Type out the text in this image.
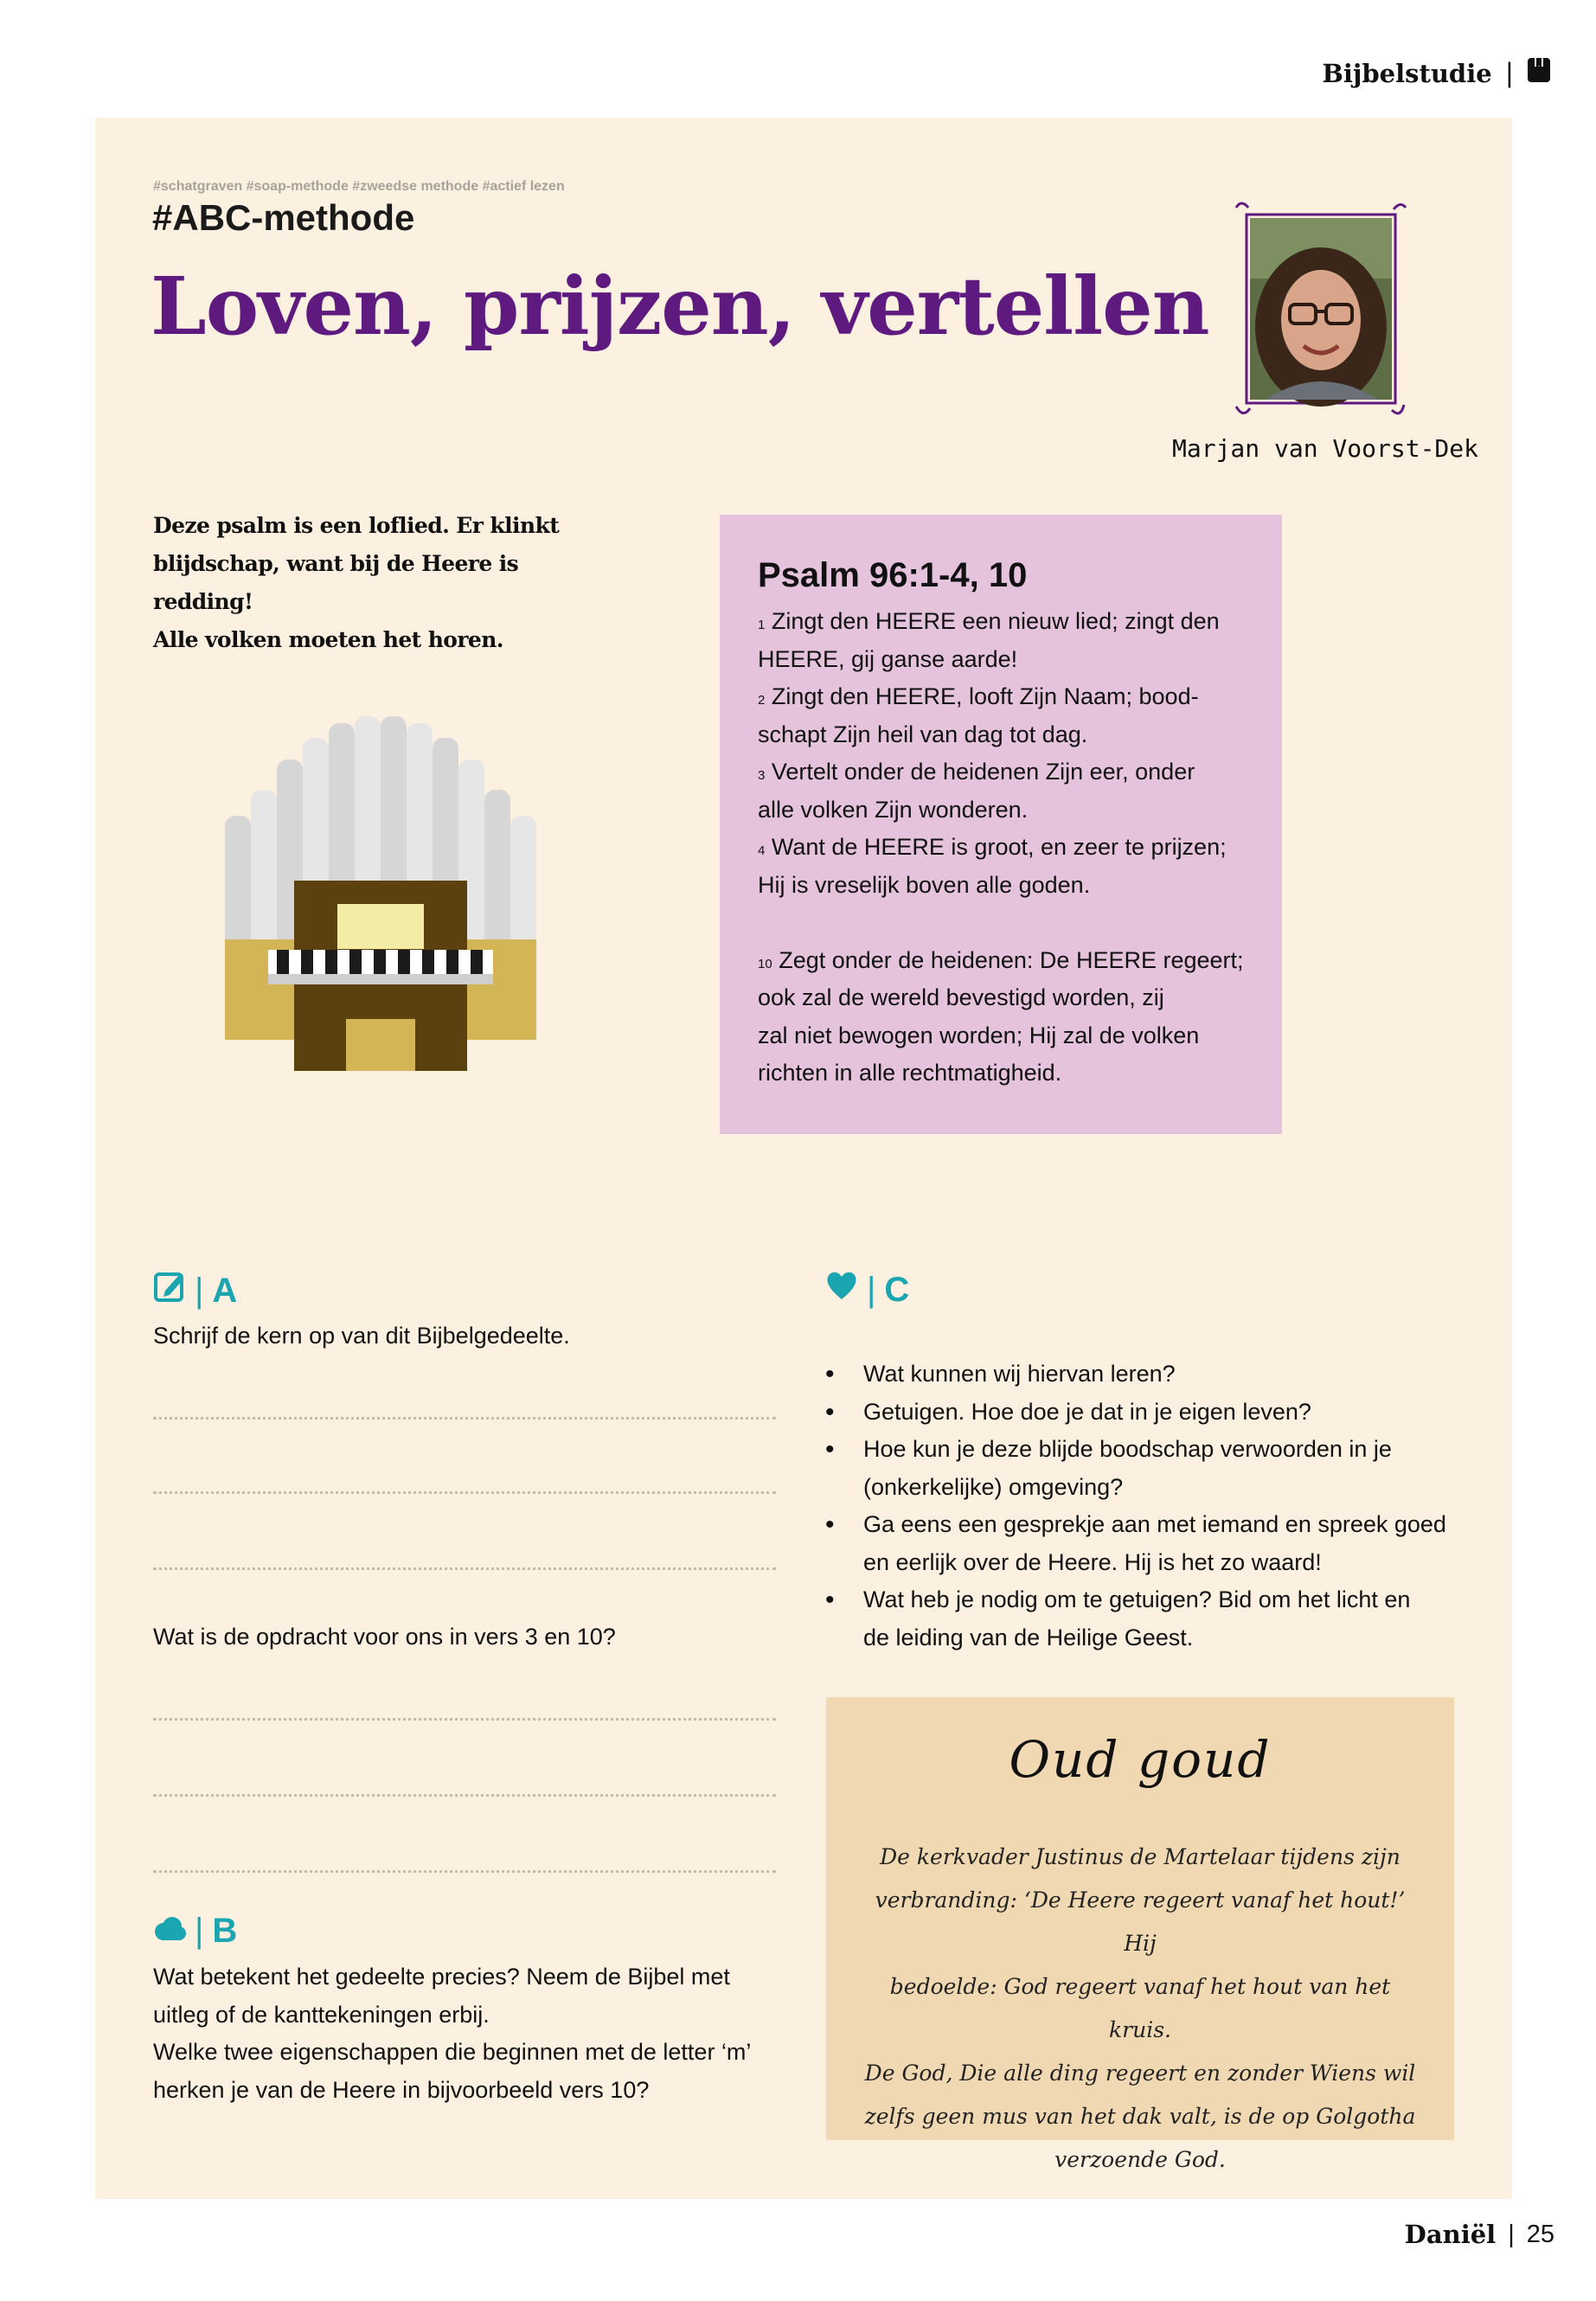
Bijbelstudie |
#schatgraven #soap-methode #zweedse methode #actief lezen
#ABC-methode
Loven, prijzen, vertellen
Marjan van Voorst-Dek
Deze psalm is een loflied. Er klinkt
blijdschap, want bij de Heere is redding!
Alle volken moeten het horen.
Psalm 96:1-4, 10
$^1$ Zingt den HEERE een nieuw lied; zingt den
HEERE, gij ganse aarde!
$^2$ Zingt den HEERE, looft Zijn Naam; bood-
schapt Zijn heil van dag tot dag.
$^3$ Vertelt onder de heidenen Zijn eer, onder
alle volken Zijn wonderen.
$^4$ Want de HEERE is groot, en zeer te prijzen;
Hij is vreselijk boven alle goden.
$^{10}$ Zegt onder de heidenen: De HEERE regeert;
ook zal de wereld bevestigd worden, zij
zal niet bewogen worden; Hij zal de volken
richten in alle rechtmatigheid.
| A
Schrijf de kern op van dit Bijbelgedeelte.
Wat is de opdracht voor ons in vers 3 en 10?
| B
Wat betekent het gedeelte precies? Neem de Bijbel met
uitleg of de kanttekeningen erbij.
Welke twee eigenschappen die beginnen met de letter ‘m’
herken je van de Heere in bijvoorbeeld vers 10?
| C
• Wat kunnen wij hiervan leren?
• Getuigen. Hoe doe je dat in je eigen leven?
• Hoe kun je deze blijde boodschap verwoorden in je
(onkerkelijke) omgeving?
• Ga eens een gesprekje aan met iemand en spreek goed
en eerlijk over de Heere. Hij is het zo waard!
• Wat heb je nodig om te getuigen? Bid om het licht en
de leiding van de Heilige Geest.
Oud goud
De kerkvader Justinus de Martelaar tijdens zijn
verbranding: ‘De Heere regeert vanaf het hout!’ Hij
bedoelde: God regeert vanaf het hout van het kruis.
De God, Die alle ding regeert en zonder Wiens wil
zelfs geen mus van het dak valt, is de op Golgotha
verzoende God.
Daniël | 25
